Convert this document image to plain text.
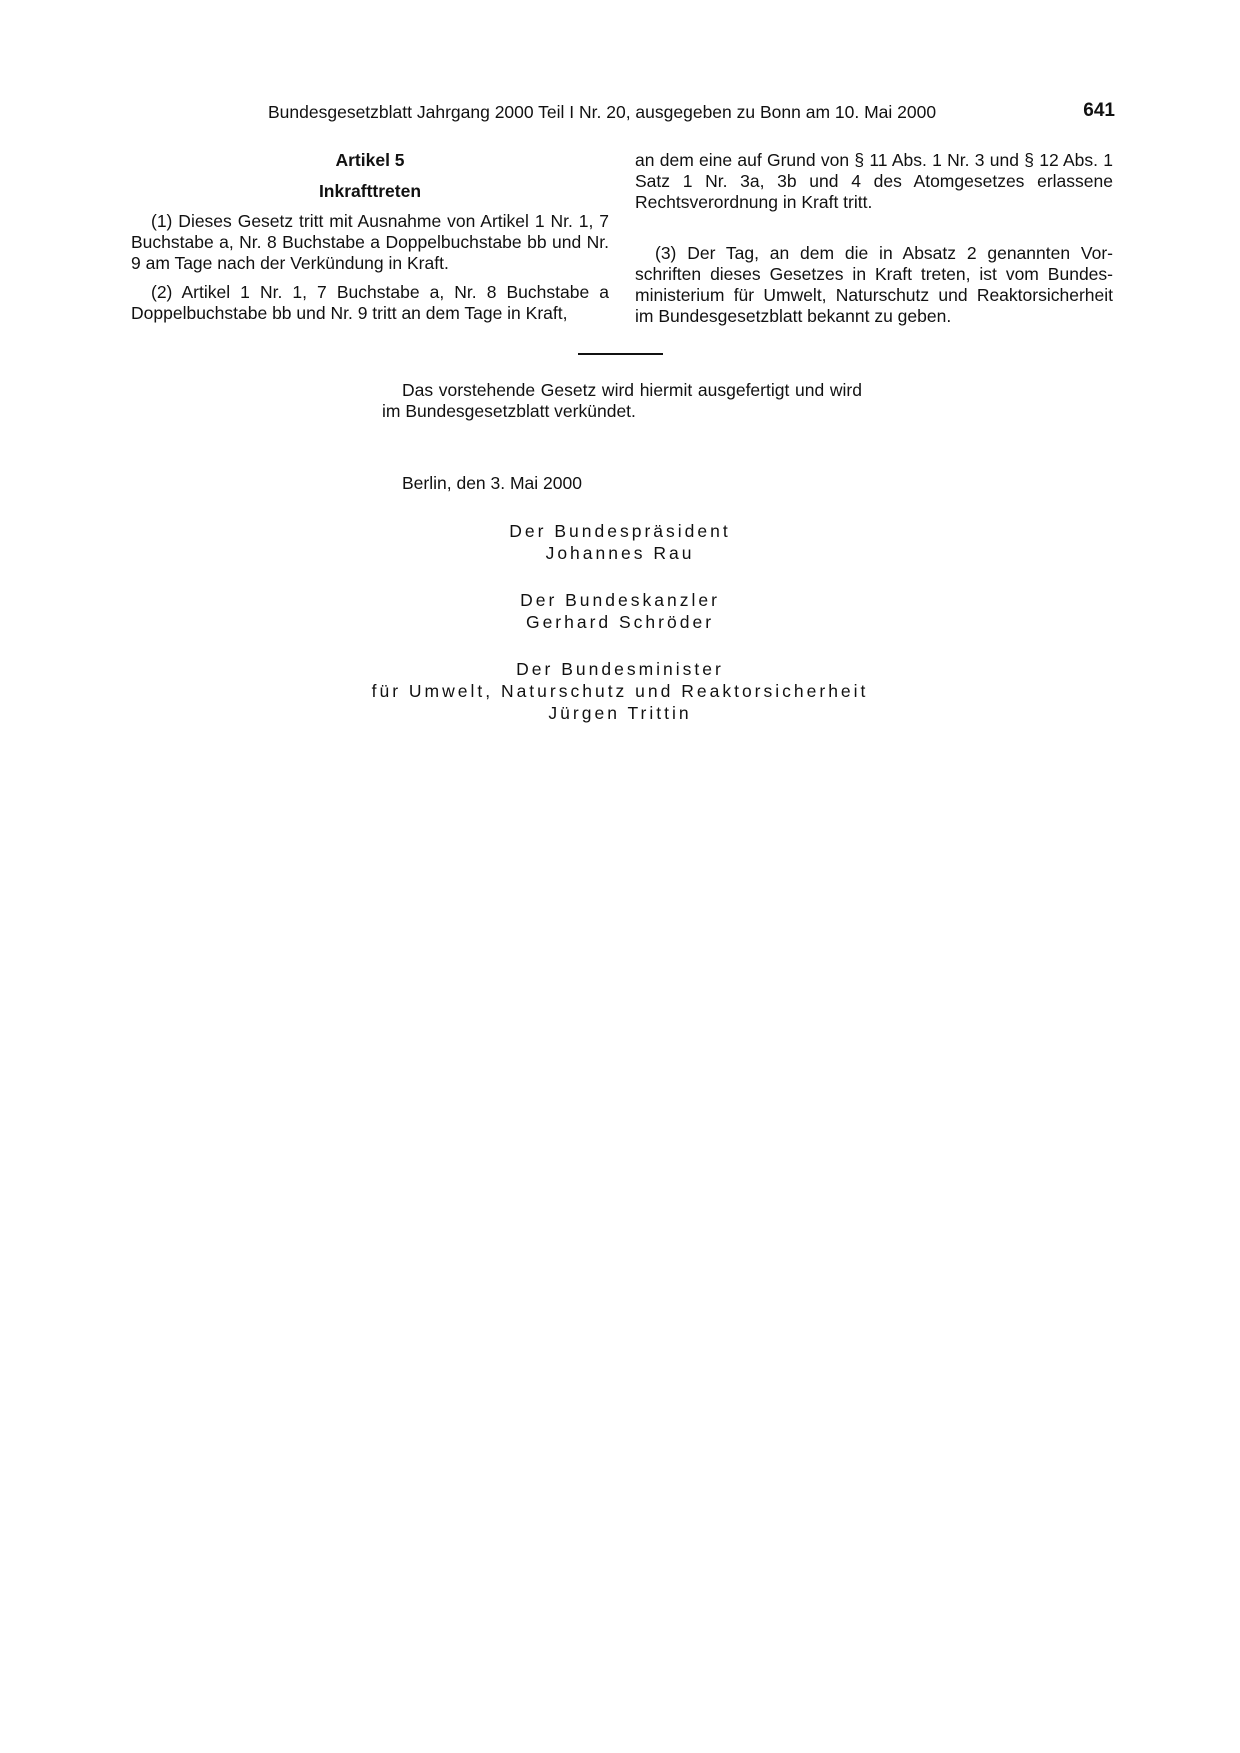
Bundesgesetzblatt Jahrgang 2000 Teil I Nr. 20, ausgegeben zu Bonn am 10. Mai 2000	641
Artikel 5
Inkrafttreten

(1) Dieses Gesetz tritt mit Ausnahme von Artikel 1 Nr. 1, 7 Buchstabe a, Nr. 8 Buchstabe a Doppelbuchstabe bb und Nr. 9 am Tage nach der Verkündung in Kraft.

(2) Artikel 1 Nr. 1, 7 Buchstabe a, Nr. 8 Buchstabe a Doppelbuchstabe bb und Nr. 9 tritt an dem Tage in Kraft,

an dem eine auf Grund von § 11 Abs. 1 Nr. 3 und § 12 Abs. 1 Satz 1 Nr. 3a, 3b und 4 des Atomgesetzes erlassene Rechtsverordnung in Kraft tritt.

(3) Der Tag, an dem die in Absatz 2 genannten Vorschriften dieses Gesetzes in Kraft treten, ist vom Bundesministerium für Umwelt, Naturschutz und Reaktorsicherheit im Bundesgesetzblatt bekannt zu geben.

Das vorstehende Gesetz wird hiermit ausgefertigt und wird im Bundesgesetzblatt verkündet.

Berlin, den 3. Mai 2000
Der Bundespräsident
Johannes Rau
Der Bundeskanzler
Gerhard Schröder
Der Bundesminister
für Umwelt, Naturschutz und Reaktorsicherheit
Jürgen Trittin
